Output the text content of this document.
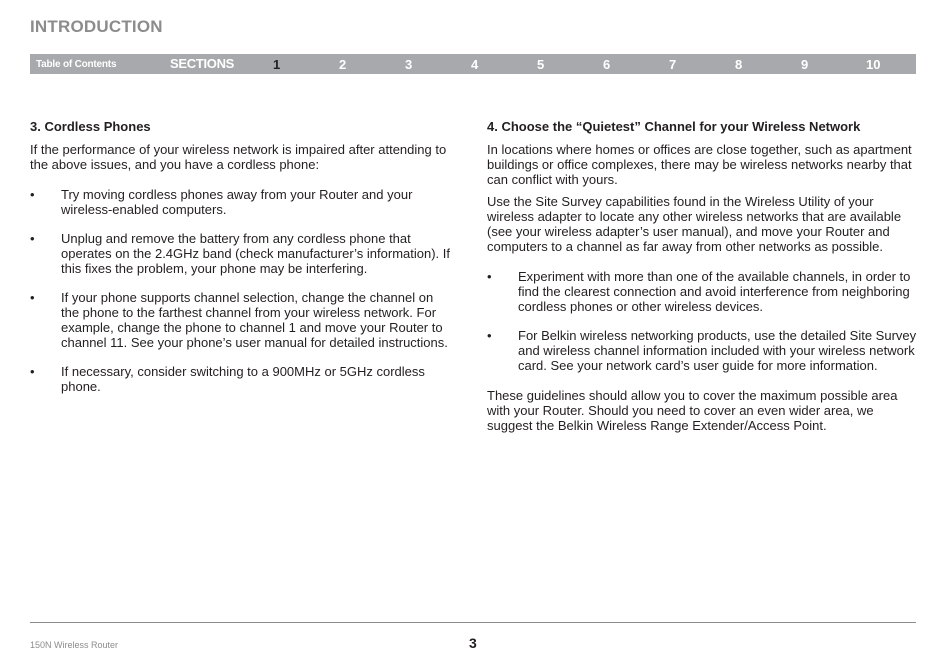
INTRODUCTION
Table of Contents	SECTIONS	1	2	3	4	5	6	7	8	9	10
3. Cordless Phones

If the performance of your wireless network is impaired after attending to the above issues, and you have a cordless phone:

• Try moving cordless phones away from your Router and your wireless-enabled computers.
• Unplug and remove the battery from any cordless phone that operates on the 2.4GHz band (check manufacturer’s information). If this fixes the problem, your phone may be interfering.
• If your phone supports channel selection, change the channel on the phone to the farthest channel from your wireless network. For example, change the phone to channel 1 and move your Router to channel 11. See your phone’s user manual for detailed instructions.
• If necessary, consider switching to a 900MHz or 5GHz cordless phone.
4. Choose the “Quietest” Channel for your Wireless Network

In locations where homes or offices are close together, such as apartment buildings or office complexes, there may be wireless networks nearby that can conflict with yours.

Use the Site Survey capabilities found in the Wireless Utility of your wireless adapter to locate any other wireless networks that are available (see your wireless adapter’s user manual), and move your Router and computers to a channel as far away from other networks as possible.

• Experiment with more than one of the available channels, in order to find the clearest connection and avoid interference from neighboring cordless phones or other wireless devices.
• For Belkin wireless networking products, use the detailed Site Survey and wireless channel information included with your wireless network card. See your network card’s user guide for more information.

These guidelines should allow you to cover the maximum possible area with your Router. Should you need to cover an even wider area, we suggest the Belkin Wireless Range Extender/Access Point.

150N Wireless Router	3
